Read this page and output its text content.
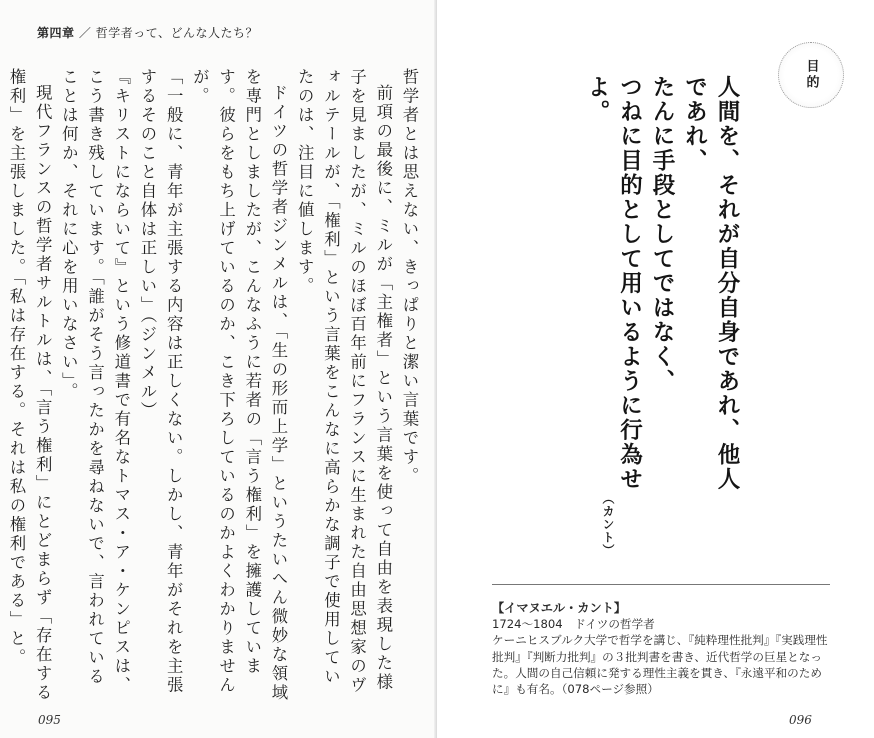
第四章 ／ 哲学者って、どんな人たち？

哲学者とは思えない、きっぱりと潔い言葉です。

前項の最後に、ミルが「主権者」という言葉を使って自由を表現した様子を見ましたが、ミルのほぼ百年前にフランスに生まれた自由思想家のヴォルテールが、「権利」という言葉をこんなに高らかな調子で使用していたのは、注目に値します。

ドイツの哲学者ジンメルは、「生の形而上学」というたいへん微妙な領域を専門としましたが、こんなふうに若者の「言う権利」を擁護しています。彼らをもち上げているのか、こき下ろしているのかよくわかりませんが。

「一般に、青年が主張する内容は正しくない。しかし、青年がそれを主張するそのこと自体は正しい」（ジンメル）

『キリストにならいて』という修道書で有名なトマス・ア・ケンピスは、こう書き残しています。「誰がそう言ったかを尋ねないで、言われていることは何か、それに心を用いなさい」。

現代フランスの哲学者サルトルは、「言う権利」にとどまらず「存在する権利」を主張しました。「私は存在する。それは私の権利である」と。

095
目的
人間を、それが自分自身であれ、他人であれ、
たんに手段としてではなく、
つねに目的として用いるように行為せよ。
（カント）

【イマヌエル・カント】

1724〜1804　ドイツの哲学者

ケーニヒスブルク大学で哲学を講じ、『純粋理性批判』『実践理性批判』『判断力批判』の３批判書を書き、近代哲学の巨星となった。人間の自己信頼に発する理性主義を貫き、『永遠平和のために』も有名。（078ページ参照）

096
